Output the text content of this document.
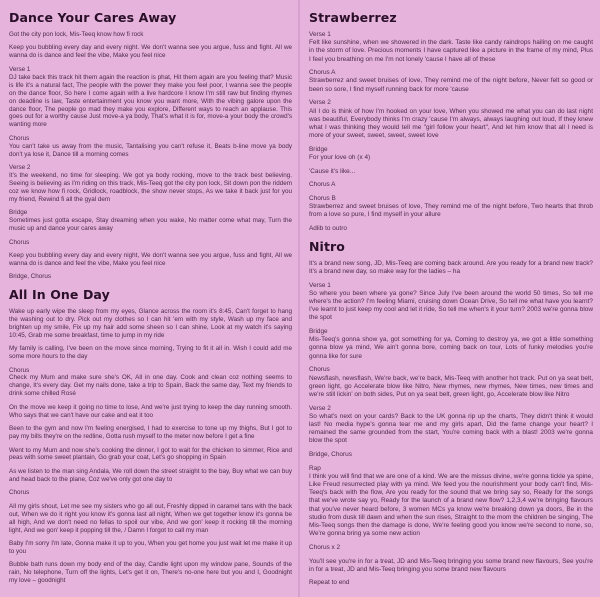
Dance Your Cares Away

Got the city pon lock, Mis-Teeq know how fi rock

Keep you bubbling every day and every night. We don't wanna see you argue, fuss and fight. All we wanna do is dance and feel the vibe, Make you feel nice

Verse 1

DJ take back this track hit them again the reaction is phat, Hit them again are you feeling that? Music is life it's a natural fact, The people with the power they make you feel poor, I wanna see the people on the dance floor, So here I come again with a live hardcore I know I'm still raw but finding rhymes on deadline is law, Taste entertainment you know you want more, With the vibing galore upon the dance floor, The people go mad they make you explore, Different ways to reach an applause. This goes out for a worthy cause Just move-a ya body, That's what it is for, move-a your body the crowd's wanting more

Chorus

You can't take us away from the music, Tantalising you can't refuse it, Beats b-line move ya body don't ya lose it, Dance till a morning comes

Verse 2

It's the weekend, no time for sleeping. We got ya body rocking, move to the track best believing. Seeing is believing as I'm riding on this track, Mis-Teeq got the city pon lock, Sit down pon the riddem coz we know how fi rock, Gridlock, roadblock, the show never stops, As we take it back just for you my friend, Rewind fi all the gyal dem

Bridge

Sometimes just gotta escape, Stay dreaming when you wake, No matter come what may, Turn the music up and dance your cares away

Chorus

Keep you bubbling every day and every night, We don't wanna see you argue, fuss and fight, All we wanna do is dance and feel the vibe, Make you feel nice

Bridge, Chorus

All In One Day

Wake up early wipe the sleep from my eyes, Glance across the room it's 8:45, Can't forget to hang the washing out to dry. Pick out my clothes so I can hit 'em with my style, Wash up my face and brighten up my smile, Fix up my hair add some sheen so I can shine, Look at my watch it's saying 10:45, Grab me some breakfast, time to jump in my ride

My family is calling, I've been on the move since morning, Trying to fit it all in. Wish I could add me some more hours to the day

Chorus

Check my Mum and make sure she's OK, All in one day. Cook and clean coz nothing seems to change, It's every day. Get my nails done, take a trip to Spain, Back the same day, Text my friends to drink some chilled Rosé

On the move we keep it going no time to lose, And we're just trying to keep the day running smooth. Who says that we can't have our cake and eat it too

Been to the gym and now I'm feeling energised, I had to exercise to tone up my thighs, But I got to pay my bills they're on the redline, Gotta rush myself to the meter now before I get a fine

Went to my Mum and now she's cooking the dinner, I got to wait for the chicken to simmer, Rice and peas with some sweet plantain, Go grab your coat, Let's go shopping in Spain

As we listen to the man sing Andala, We roll down the street straight to the bay, Buy what we can buy and head back to the plane, Coz we've only got one day to

Chorus

All my girls shout, Let me see my sisters who go all out, Freshly dipped in caramel tans with the back out, When we do it right you know it's gonna last all night, When we get together know it's gonna be all high, And we don't need no fellas to spoil our vibe, And we gon' keep it rocking till the morning light, And we gon' keep it popping till the, / Damn I forgot to call my man

Baby I'm sorry I'm late, Gonna make it up to you, When you get home you just wait let me make it up to you

Bubble bath runs down my body end of the day, Candle light upon my window pane, Sounds of the rain, No telephone, Turn off the lights, Let's get it on, There's no-one here but you and I, Goodnight my love – goodnight

Strawberrez

Verse 1

Felt like sunshine, when we showered in the dark. Taste like candy raindrops hailing on me caught in the storm of love. Precious moments I have captured like a picture in the frame of my mind, Plus I feel you breathing on me I'm not lonely 'cause I have all of these

Chorus A

Strawberrez and sweet bruises of love, They remind me of the night before, Never felt so good or been so sore, I find myself running back for more 'cause

Verse 2

All I do is think of how I'm hooked on your love, When you showed me what you can do last night was beautiful, Everybody thinks I'm crazy 'cause I'm always, always laughing out loud, If they knew what I was thinking they would tell me "girl follow your heart", And let him know that all I need is more of your sweet, sweet, sweet, sweet love

Bridge

For your love oh (x 4)

'Cause it's like...

Chorus A

Chorus B

Strawberrez and sweet bruises of love, They remind me of the night before, Two hearts that throb from a love so pure, I find myself in your allure

Adlib to outro

Nitro

It's a brand new song, JD, Mis-Teeq are coming back around. Are you ready for a brand new track? It's a brand new day, so make way for the ladies – ha

Verse 1

So where you been where ya gone? Since July I've been around the world 50 times, So tell me where's the action? I'm feeling Miami, cruising down Ocean Drive, So tell me what have you learnt? I've learnt to just keep my cool and let it ride, So tell me when's it your turn? 2003 we're gonna blow the spot

Bridge

Mis-Teeq's gonna show ya, got something for ya, Coming to destroy ya, we got a little something gonna blow ya mind, We ain't gonna bore, coming back on tour, Lots of funky melodies you're gonna like for sure

Chorus

Newsflash, newsflash, We're back, we're back, Mis-Teeq with another hot track. Put on ya seat belt, green light, go Accelerate blow like Nitro, New rhymes, new rhymes, New times, new times and we're still lickin' on both sides, Put on ya seat belt, green light, go, Accelerate blow like Nitro

Verse 2

So what's next on your cards? Back to the UK gonna rip up the charts, They didn't think it would last! No media hype's gonna tear me and my girls apart, Did the fame change your heart? I remained the same grounded from the start, You're coming back with a blast! 2003 we're gonna blow the spot

Bridge, Chorus

Rap

I think you will find that we are one of a kind. We are the missus divine, we're gonna tickle ya spine, Like Freud resurrected play with ya mind. We feed you the nourishment your body can't find, Mis-Teeq's back with the flow, Are you ready for the sound that we bring say so, Ready for the songs that we've wrote say yo, Ready for the launch of a brand new flow? 1,2,3,4 we're bringing flavours that you've never heard before, 3 women MCs ya know we're breaking down ya doors, Be in the studio from dusk till dawn and when the sun rises, Straight to the mom the children be singing, The Mis-Teeq songs then the damage is done, We're feeling good you know we're second to none, so, We're gonna bring ya some new action

Chorus x 2

You'll see you're in for a treat, JD and Mis-Teeq bringing you some brand new flavours, See you're in for a treat, JD and Mis-Teeq bringing you some brand new flavours

Repeat to end
